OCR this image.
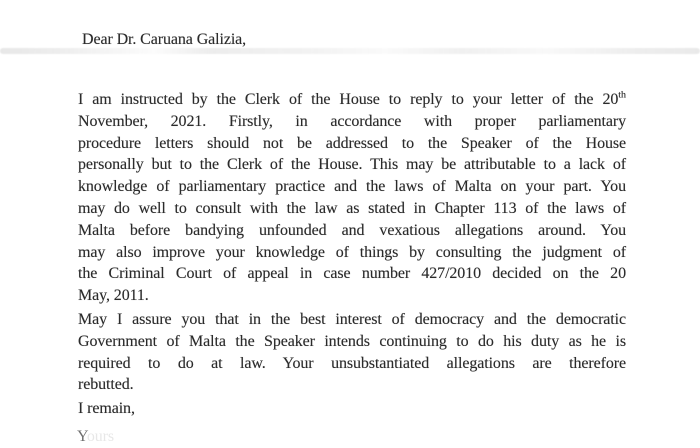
Dear Dr. Caruana Galizia,
I am instructed by the Clerk of the House to reply to your letter of the 20th
November, 2021. Firstly, in accordance with proper parliamentary
procedure letters should not be addressed to the Speaker of the House
personally but to the Clerk of the House. This may be attributable to a lack of
knowledge of parliamentary practice and the laws of Malta on your part. You
may do well to consult with the law as stated in Chapter 113 of the laws of
Malta before bandying unfounded and vexatious allegations around. You
may also improve your knowledge of things by consulting the judgment of
the Criminal Court of appeal in case number 427/2010 decided on the 20
May, 2011.
May I assure you that in the best interest of democracy and the democratic
Government of Malta the Speaker intends continuing to do his duty as he is
required to do at law. Your unsubstantiated allegations are therefore
rebutted.
I remain,
Yours
